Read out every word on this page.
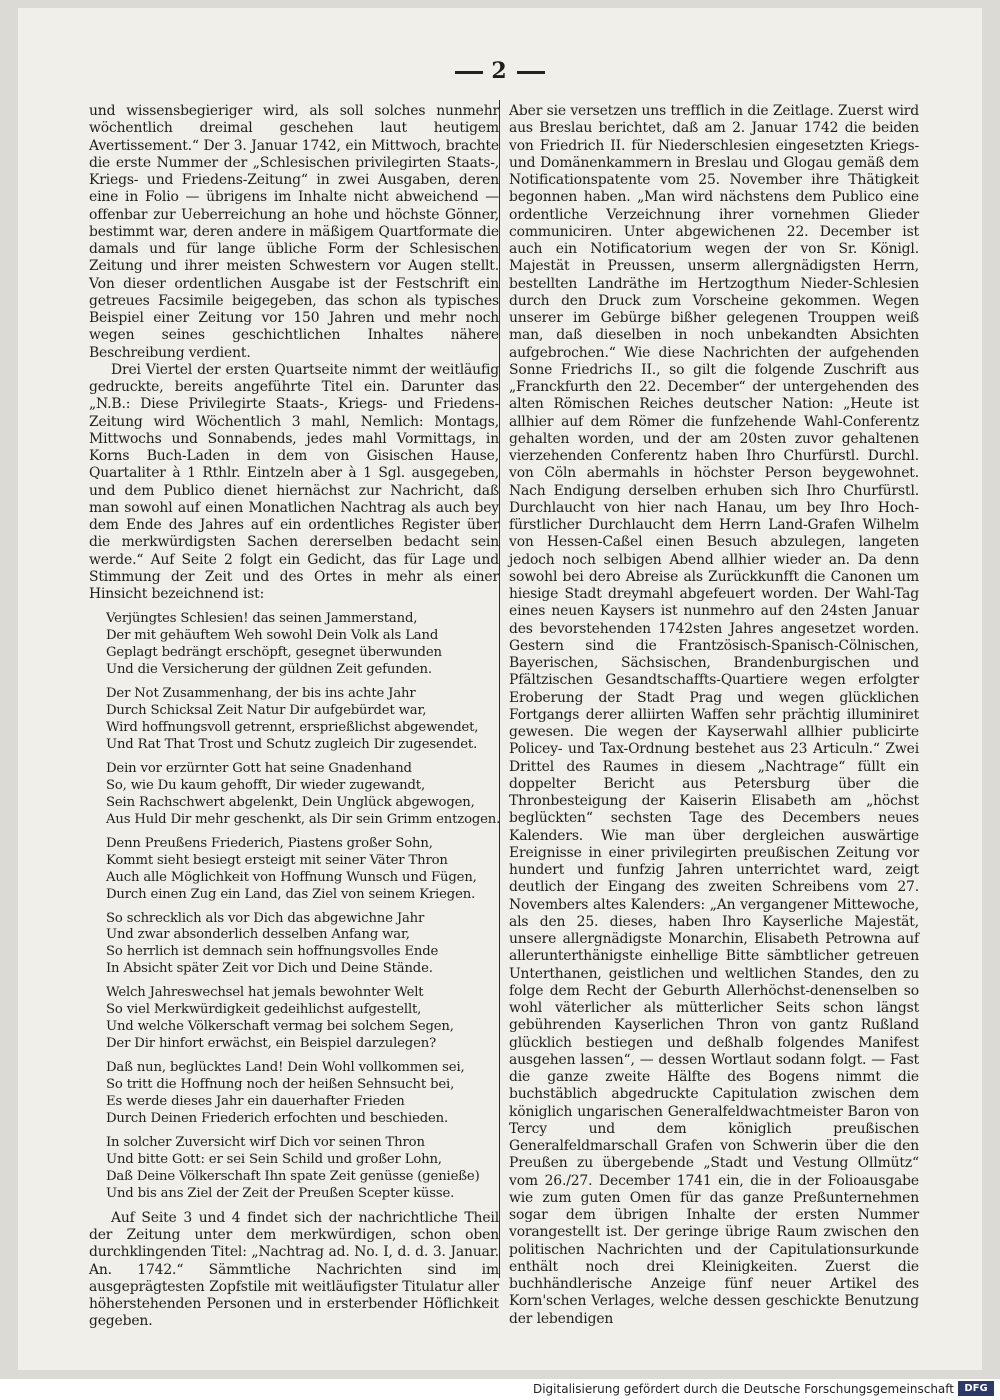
2

und wissensbegieriger wird, als soll solches nunmehr wöchentlich dreimal geschehen laut heutigem Avertissement.“ Der 3. Januar 1742, ein Mittwoch, brachte die erste Nummer der „Schlesischen privilegirten Staats-, Kriegs- und Friedens-Zeitung“ in zwei Ausgaben, deren eine in Folio — übrigens im Inhalte nicht abweichend — offenbar zur Ueberreichung an hohe und höchste Gönner, bestimmt war, deren andere in mäßigem Quartformate die damals und für lange übliche Form der Schlesischen Zeitung und ihrer meisten Schwestern vor Augen stellt. Von dieser ordentlichen Ausgabe ist der Festschrift ein getreues Facsimile beigegeben, das schon als typisches Beispiel einer Zeitung vor 150 Jahren und mehr noch wegen seines geschichtlichen Inhaltes nähere Beschreibung verdient.

Drei Viertel der ersten Quartseite nimmt der weitläufig gedruckte, bereits angeführte Titel ein. Darunter das „N.B.: Diese Privilegirte Staats-, Kriegs- und Friedens-Zeitung wird Wöchentlich 3 mahl, Nemlich: Montags, Mittwochs und Sonnabends, jedes mahl Vormittags, in Korns Buch-Laden in dem von Gisischen Hause, Quartaliter à 1 Rthlr. Eintzeln aber à 1 Sgl. ausgegeben, und dem Publico dienet hiernächst zur Nachricht, daß man sowohl auf einen Monatlichen Nachtrag als auch bey dem Ende des Jahres auf ein ordentliches Register über die merkwürdigsten Sachen dererselben bedacht sein werde.“ Auf Seite 2 folgt ein Gedicht, das für Lage und Stimmung der Zeit und des Ortes in mehr als einer Hinsicht bezeichnend ist:

Verjüngtes Schlesien! das seinen Jammerstand,
Der mit gehäuftem Weh sowohl Dein Volk als Land
Geplagt bedrängt erschöpft, gesegnet überwunden
Und die Versicherung der güldnen Zeit gefunden.
Der Not Zusammenhang, der bis ins achte Jahr
Durch Schicksal Zeit Natur Dir aufgebürdet war,
Wird hoffnungsvoll getrennt, ersprießlichst abgewendet,
Und Rat That Trost und Schutz zugleich Dir zugesendet.
Dein vor erzürnter Gott hat seine Gnadenhand
So, wie Du kaum gehofft, Dir wieder zugewandt,
Sein Rachschwert abgelenkt, Dein Unglück abgewogen,
Aus Huld Dir mehr geschenkt, als Dir sein Grimm entzogen.
Denn Preußens Friederich, Piastens großer Sohn,
Kommt sieht besiegt ersteigt mit seiner Väter Thron
Auch alle Möglichkeit von Hoffnung Wunsch und Fügen,
Durch einen Zug ein Land, das Ziel von seinem Kriegen.
So schrecklich als vor Dich das abgewichne Jahr
Und zwar absonderlich desselben Anfang war,
So herrlich ist demnach sein hoffnungsvolles Ende
In Absicht später Zeit vor Dich und Deine Stände.
Welch Jahreswechsel hat jemals bewohnter Welt
So viel Merkwürdigkeit gedeihlichst aufgestellt,
Und welche Völkerschaft vermag bei solchem Segen,
Der Dir hinfort erwächst, ein Beispiel darzulegen?
Daß nun, beglücktes Land! Dein Wohl vollkommen sei,
So tritt die Hoffnung noch der heißen Sehnsucht bei,
Es werde dieses Jahr ein dauerhafter Frieden
Durch Deinen Friederich erfochten und beschieden.
In solcher Zuversicht wirf Dich vor seinen Thron
Und bitte Gott: er sei Sein Schild und großer Lohn,
Daß Deine Völkerschaft Ihn spate Zeit genüsse (genieße)
Und bis ans Ziel der Zeit der Preußen Scepter küsse.

Auf Seite 3 und 4 findet sich der nachrichtliche Theil der Zeitung unter dem merkwürdigen, schon oben durchklingenden Titel: „Nachtrag ad. No. I, d. d. 3. Januar. An. 1742.“ Sämmtliche Nachrichten sind im ausgeprägtesten Zopfstile mit weitläufigster Titulatur aller höherstehenden Personen und in ersterbender Höflichkeit gegeben.

Aber sie versetzen uns trefflich in die Zeitlage. Zuerst wird aus Breslau berichtet, daß am 2. Januar 1742 die beiden von Friedrich II. für Niederschlesien eingesetzten Kriegs- und Domänenkammern in Breslau und Glogau gemäß dem Notificationspatente vom 25. November ihre Thätigkeit begonnen haben. „Man wird nächstens dem Publico eine ordentliche Verzeichnung ihrer vornehmen Glieder communiciren. Unter abgewichenen 22. December ist auch ein Notificatorium wegen der von Sr. Königl. Majestät in Preussen, unserm allergnädigsten Herrn, bestellten Landräthe im Hertzogthum Nieder-Schlesien durch den Druck zum Vorscheine gekommen. Wegen unserer im Gebürge bißher gelegenen Trouppen weiß man, daß dieselben in noch unbekandten Absichten aufgebrochen.“ Wie diese Nachrichten der aufgehenden Sonne Friedrichs II., so gilt die folgende Zuschrift aus „Franckfurth den 22. December“ der untergehenden des alten Römischen Reiches deutscher Nation: „Heute ist allhier auf dem Römer die funfzehende Wahl-Conferentz gehalten worden, und der am 20sten zuvor gehaltenen vierzehenden Conferentz haben Ihro Churfürstl. Durchl. von Cöln abermahls in höchster Person beygewohnet. Nach Endigung derselben erhuben sich Ihro Churfürstl. Durchlaucht von hier nach Hanau, um bey Ihro Hoch-fürstlicher Durchlaucht dem Herrn Land-Grafen Wilhelm von Hessen-Caßel einen Besuch abzulegen, langeten jedoch noch selbigen Abend allhier wieder an. Da denn sowohl bei dero Abreise als Zurückkunfft die Canonen um hiesige Stadt dreymahl abgefeuert worden. Der Wahl-Tag eines neuen Kaysers ist nunmehro auf den 24sten Januar des bevorstehenden 1742sten Jahres angesetzet worden. Gestern sind die Frantzösisch-Spanisch-Cölnischen, Bayerischen, Sächsischen, Brandenburgischen und Pfältzischen Gesandtschaffts-Quartiere wegen erfolgter Eroberung der Stadt Prag und wegen glücklichen Fortgangs derer alliirten Waffen sehr prächtig illuminiret gewesen. Die wegen der Kayserwahl allhier publicirte Policey- und Tax-Ordnung bestehet aus 23 Articuln.“ Zwei Drittel des Raumes in diesem „Nachtrage“ füllt ein doppelter Bericht aus Petersburg über die Thronbesteigung der Kaiserin Elisabeth am „höchst beglückten“ sechsten Tage des Decembers neues Kalenders. Wie man über dergleichen auswärtige Ereignisse in einer privilegirten preußischen Zeitung vor hundert und funfzig Jahren unterrichtet ward, zeigt deutlich der Eingang des zweiten Schreibens vom 27. Novembers altes Kalenders: „An vergangener Mittewoche, als den 25. dieses, haben Ihro Kayserliche Majestät, unsere allergnädigste Monarchin, Elisabeth Petrowna auf allerunterthänigste einhellige Bitte sämbtlicher getreuen Unterthanen, geistlichen und weltlichen Standes, den zu folge dem Recht der Geburth Allerhöchst-denenselben so wohl väterlicher als mütterlicher Seits schon längst gebührenden Kayserlichen Thron von gantz Rußland glücklich bestiegen und deßhalb folgendes Manifest ausgehen lassen“, — dessen Wortlaut sodann folgt. — Fast die ganze zweite Hälfte des Bogens nimmt die buchstäblich abgedruckte Capitulation zwischen dem königlich ungarischen Generalfeldwachtmeister Baron von Tercy und dem königlich preußischen Generalfeldmarschall Grafen von Schwerin über die den Preußen zu übergebende „Stadt und Vestung Ollmütz“ vom 26./27. December 1741 ein, die in der Folioausgabe wie zum guten Omen für das ganze Preßunternehmen sogar dem übrigen Inhalte der ersten Nummer vorangestellt ist. Der geringe übrige Raum zwischen den politischen Nachrichten und der Capitulationsurkunde enthält noch drei Kleinigkeiten. Zuerst die buchhändlerische Anzeige fünf neuer Artikel des Korn'schen Verlages, welche dessen geschickte Benutzung der lebendigen

Digitalisierung gefördert durch die Deutsche Forschungsgemeinschaft	DFG
